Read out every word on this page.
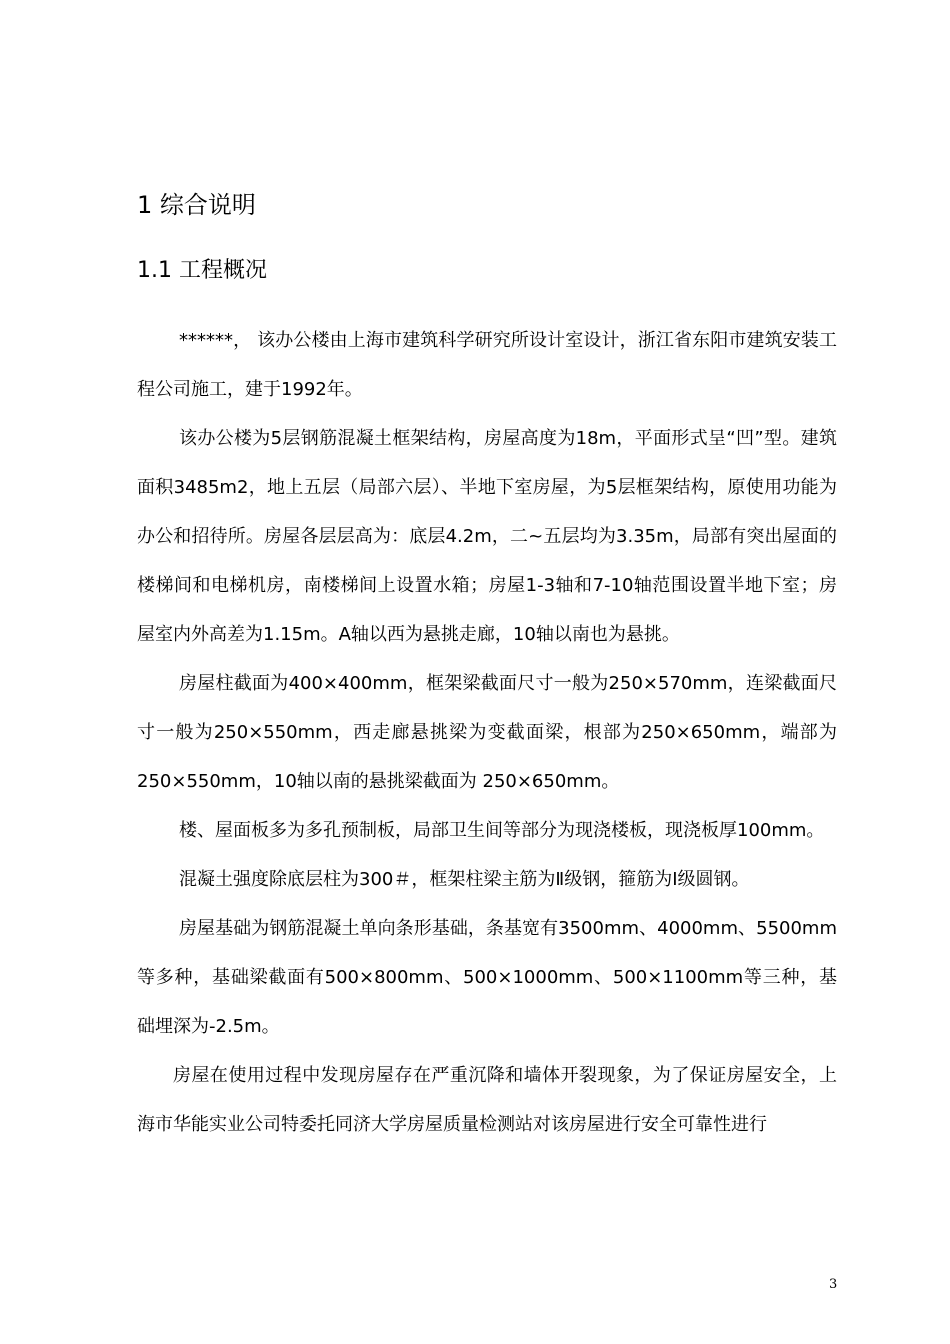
1 综合说明
1.1 工程概况

******， 该办公楼由上海市建筑科学研究所设计室设计，浙江省东阳市建筑安装工程公司施工，建于1992年。

该办公楼为5层钢筋混凝土框架结构，房屋高度为18m，平面形式呈“凹”型。建筑面积3485m2，地上五层（局部六层）、半地下室房屋，为5层框架结构，原使用功能为办公和招待所。房屋各层层高为：底层4.2m，二~五层均为3.35m，局部有突出屋面的楼梯间和电梯机房，南楼梯间上设置水箱；房屋1-3轴和7-10轴范围设置半地下室；房屋室内外高差为1.15m。A轴以西为悬挑走廊，10轴以南也为悬挑。

房屋柱截面为400×400mm，框架梁截面尺寸一般为250×570mm，连梁截面尺寸一般为250×550mm，西走廊悬挑梁为变截面梁，根部为250×650mm，端部为250×550mm，10轴以南的悬挑梁截面为 250×650mm。

楼、屋面板多为多孔预制板，局部卫生间等部分为现浇楼板，现浇板厚100mm。

混凝土强度除底层柱为300＃，框架柱梁主筋为Ⅱ级钢，箍筋为Ⅰ级圆钢。

房屋基础为钢筋混凝土单向条形基础，条基宽有3500mm、4000mm、5500mm等多种，基础梁截面有500×800mm、500×1000mm、500×1100mm等三种，基础埋深为-2.5m。

房屋在使用过程中发现房屋存在严重沉降和墙体开裂现象，为了保证房屋安全，上海市华能实业公司特委托同济大学房屋质量检测站对该房屋进行安全可靠性进行

3
